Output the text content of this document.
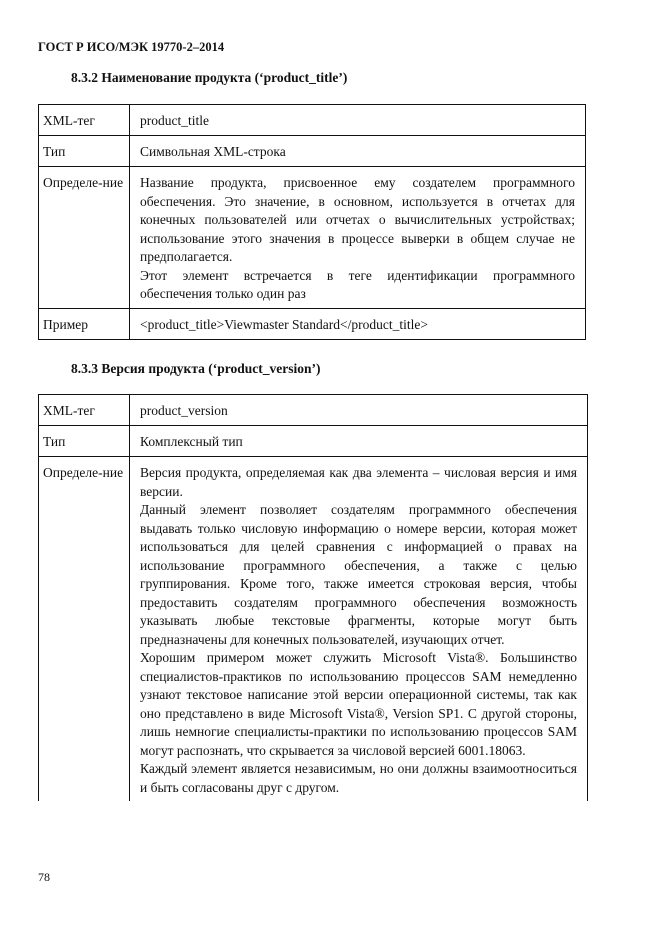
ГОСТ Р ИСО/МЭК 19770-2–2014
8.3.2 Наименование продукта (‘product_title’)
XML-тег	product_title
Тип	Символьная XML-строка
Определе-ние	Название продукта, присвоенное ему создателем программного обеспечения. Это значение, в основном, используется в отчетах для конечных пользователей или отчетах о вычислительных устройствах; использование этого значения в процессе выверки в общем случае не предполагается.

Этот элемент встречается в теге идентификации программного обеспечения только один раз

Пример	<product_title>Viewmaster Standard</product_title>
8.3.3 Версия продукта (‘product_version’)
XML-тег	product_version
Тип	Комплексный тип
Определе-ние	Версия продукта, определяемая как два элемента – числовая версия и имя версии.

Данный элемент позволяет создателям программного обеспечения выдавать только числовую информацию о номере версии, которая может использоваться для целей сравнения с информацией о правах на использование программного обеспечения, а также с целью группирования. Кроме того, также имеется строковая версия, чтобы предоставить создателям программного обеспечения возможность указывать любые текстовые фрагменты, которые могут быть предназначены для конечных пользователей, изучающих отчет.

Хорошим примером может служить Microsoft Vista®. Большинство специалистов-практиков по использованию процессов SAM немедленно узнают текстовое написание этой версии операционной системы, так как оно представлено в виде Microsoft Vista®, Version SP1. С другой стороны, лишь немногие специалисты-практики по использованию процессов SAM могут распознать, что скрывается за числовой версией 6001.18063.

Каждый элемент является независимым, но они должны взаимоотноситься и быть согласованы друг с другом.

78
